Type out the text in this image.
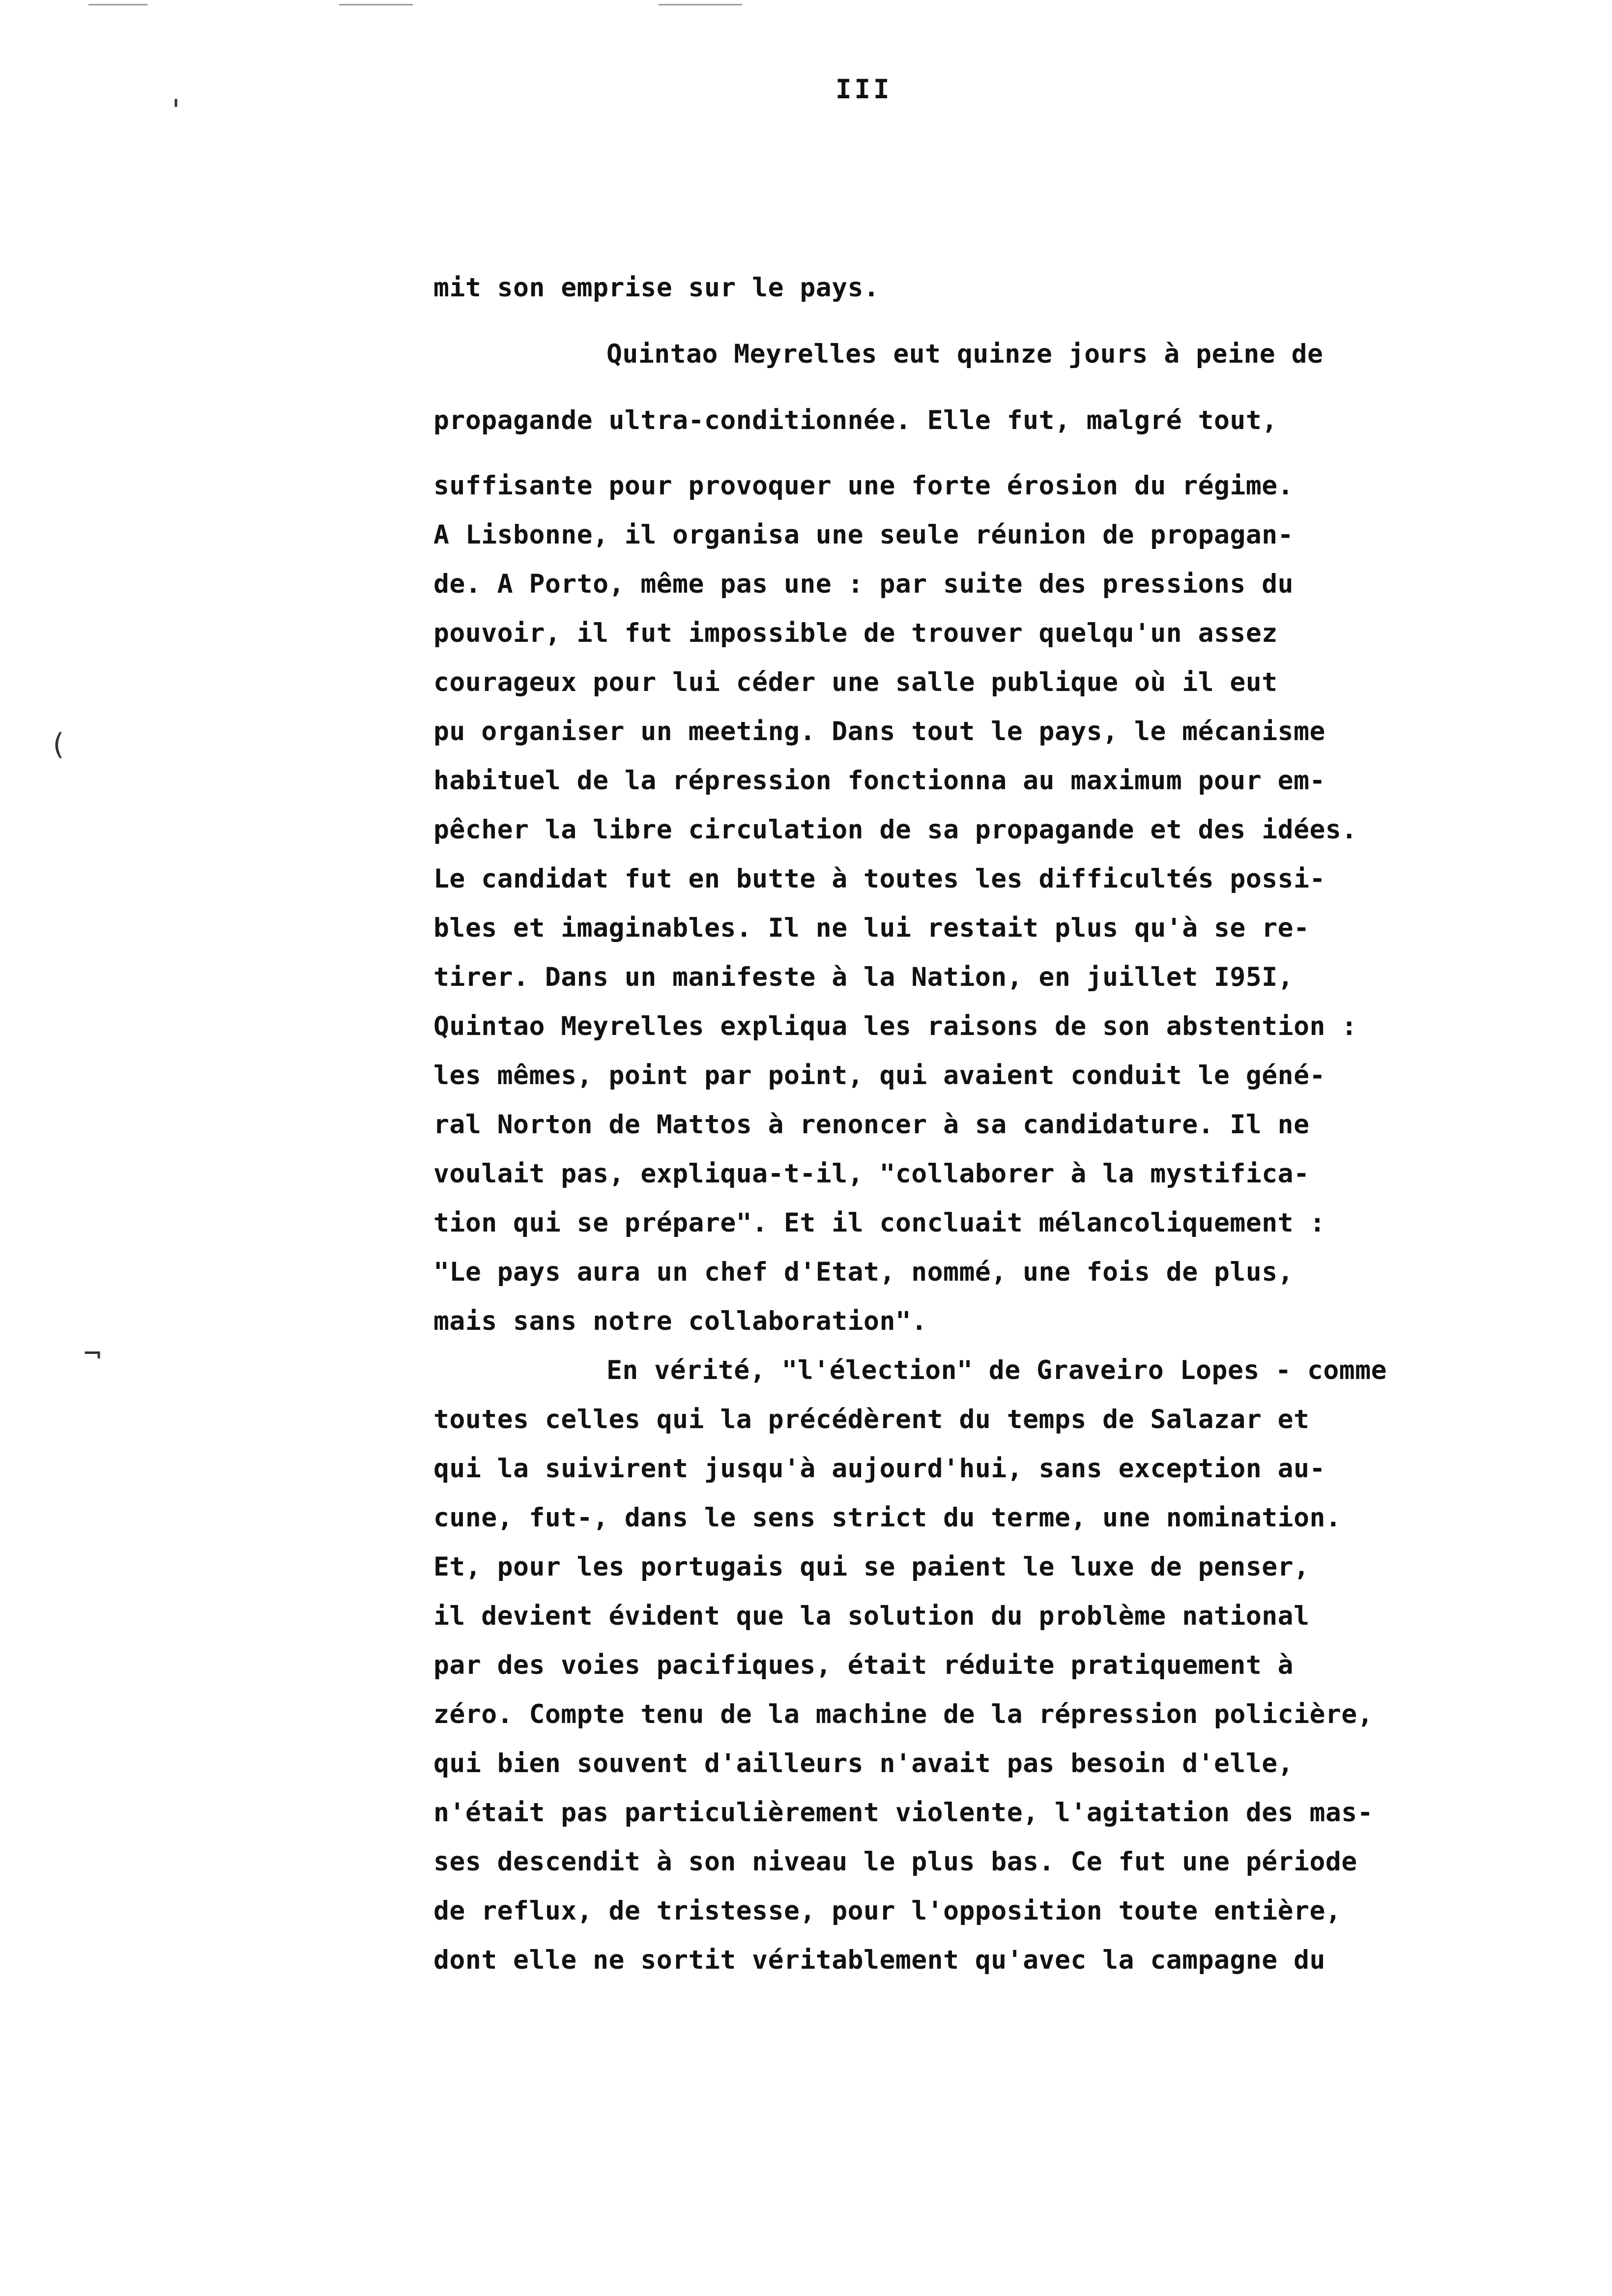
III
'
(
¬
mit son emprise sur le pays.
Quintao Meyrelles eut quinze jours à peine de
propagande ultra-conditionnée. Elle fut, malgré tout,
suffisante pour provoquer une forte érosion du régime.
A Lisbonne, il organisa une seule réunion de propagan-
de. A Porto, même pas une : par suite des pressions du
pouvoir, il fut impossible de trouver quelqu'un assez
courageux pour lui céder une salle publique où il eut
pu organiser un meeting. Dans tout le pays, le mécanisme
habituel de la répression fonctionna au maximum pour em-
pêcher la libre circulation de sa propagande et des idées.
Le candidat fut en butte à toutes les difficultés possi-
bles et imaginables. Il ne lui restait plus qu'à se re-
tirer. Dans un manifeste à la Nation, en juillet I95I,
Quintao Meyrelles expliqua les raisons de son abstention :
les mêmes, point par point, qui avaient conduit le géné-
ral Norton de Mattos à renoncer à sa candidature. Il ne
voulait pas, expliqua-t-il, "collaborer à la mystifica-
tion qui se prépare". Et il concluait mélancoliquement :
"Le pays aura un chef d'Etat, nommé, une fois de plus,
mais sans notre collaboration".
En vérité, "l'élection" de Graveiro Lopes - comme
toutes celles qui la précédèrent du temps de Salazar et
qui la suivirent jusqu'à aujourd'hui, sans exception au-
cune, fut-, dans le sens strict du terme, une nomination.
Et, pour les portugais qui se paient le luxe de penser,
il devient évident que la solution du problème national
par des voies pacifiques, était réduite pratiquement à
zéro. Compte tenu de la machine de la répression policière,
qui bien souvent d'ailleurs n'avait pas besoin d'elle,
n'était pas particulièrement violente, l'agitation des mas-
ses descendit à son niveau le plus bas. Ce fut une période
de reflux, de tristesse, pour l'opposition toute entière,
dont elle ne sortit véritablement qu'avec la campagne du
